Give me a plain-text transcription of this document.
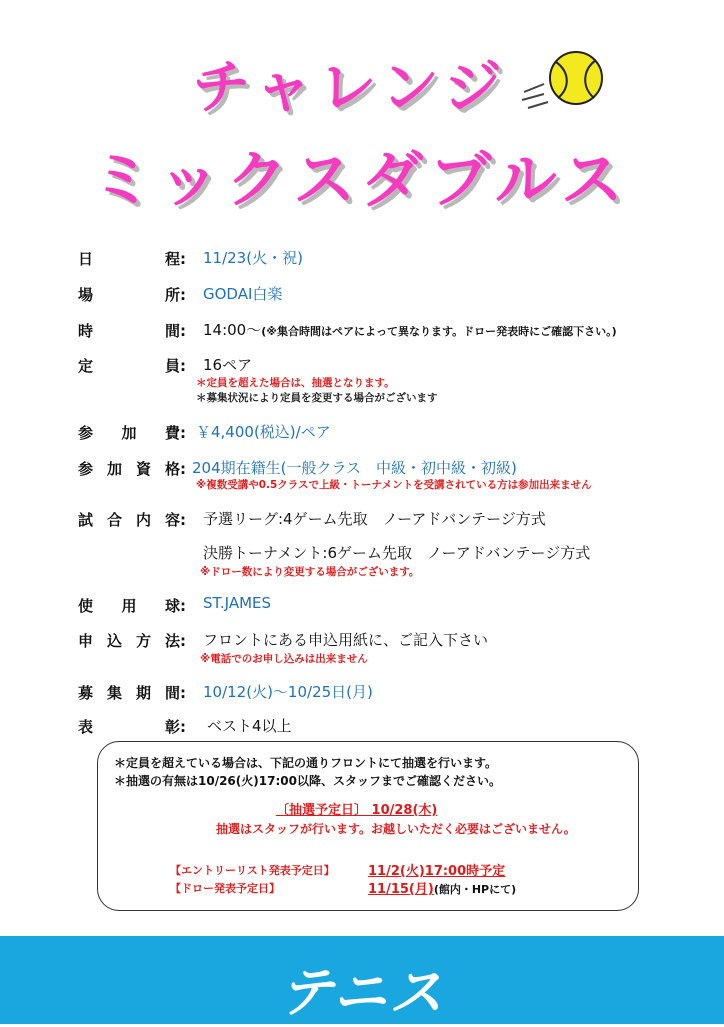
チャレンジ
ミックスダブルス
日	程: 11/23(火・祝)
場	所: GODAI白楽
時	間: 14:00〜(※集合時間はペアによって異なります。ドロー発表時にご確認下さい。)
定	員: 16ペア
＊定員を超えた場合は、抽選となります。
＊募集状況により定員を変更する場合がございます
参 加 費: ￥4,400(税込)/ペア
参 加 資 格: 204期在籍生(一般クラス　中級・初中級・初級)
※複数受講や0.5クラスで上級・トーナメントを受講されている方は参加出来ません
試 合 内 容: 予選リーグ:4ゲーム先取　ノーアドバンテージ方式
決勝トーナメント:6ゲーム先取　ノーアドバンテージ方式
※ドロー数により変更する場合がございます。
使 用 球: ST.JAMES
申 込 方 法: フロントにある申込用紙に、ご記入下さい
※電話でのお申し込みは出来ません
募 集 期 間: 10/12(火)〜10/25日(月)
表	彰: ベスト4以上
＊定員を超えている場合は、下記の通りフロントにて抽選を行います。
＊抽選の有無は10/26(火)17:00以降、スタッフまでご確認ください。
〔抽選予定日〕 10/28(木)
抽選はスタッフが行います。お越しいただく必要はございません。
【エントリーリスト発表予定日】	11/2(火)17:00時予定
【ドロー発表予定日】	11/15(月)(館内・HPにて)
テニス
